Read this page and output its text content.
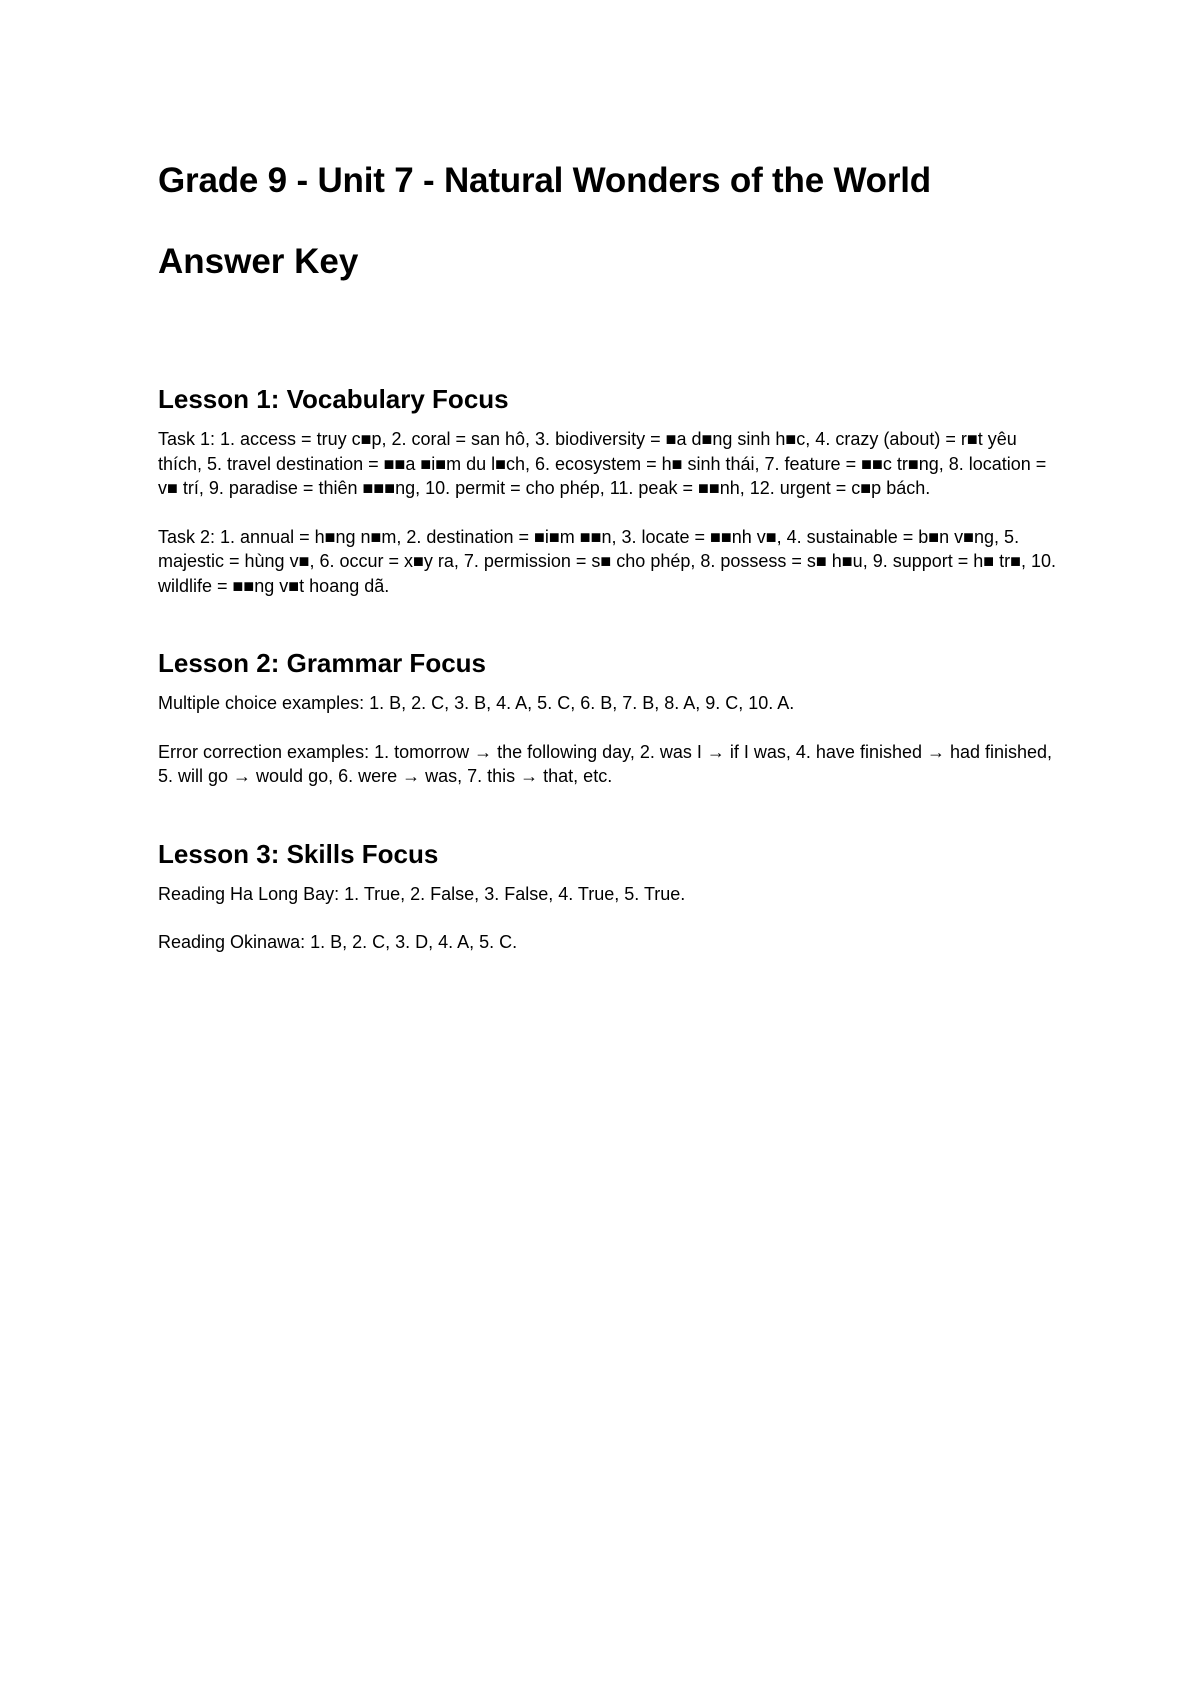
Grade 9 - Unit 7 - Natural Wonders of the World
Answer Key
Lesson 1: Vocabulary Focus

Task 1: 1. access = truy c■p, 2. coral = san hô, 3. biodiversity = ■a d■ng sinh h■c, 4. crazy (about) = r■t yêu thích, 5. travel destination = ■■a ■i■m du l■ch, 6. ecosystem = h■ sinh thái, 7. feature = ■■c tr■ng, 8. location = v■ trí, 9. paradise = thiên ■■■ng, 10. permit = cho phép, 11. peak = ■■nh, 12. urgent = c■p bách.

Task 2: 1. annual = h■ng n■m, 2. destination = ■i■m ■■n, 3. locate = ■■nh v■, 4. sustainable = b■n v■ng, 5. majestic = hùng v■, 6. occur = x■y ra, 7. permission = s■ cho phép, 8. possess = s■ h■u, 9. support = h■ tr■, 10. wildlife = ■■ng v■t hoang dã.

Lesson 2: Grammar Focus

Multiple choice examples: 1. B, 2. C, 3. B, 4. A, 5. C, 6. B, 7. B, 8. A, 9. C, 10. A.

Error correction examples: 1. tomorrow → the following day, 2. was I → if I was, 4. have finished → had finished, 5. will go → would go, 6. were → was, 7. this → that, etc.

Lesson 3: Skills Focus

Reading Ha Long Bay: 1. True, 2. False, 3. False, 4. True, 5. True.

Reading Okinawa: 1. B, 2. C, 3. D, 4. A, 5. C.
